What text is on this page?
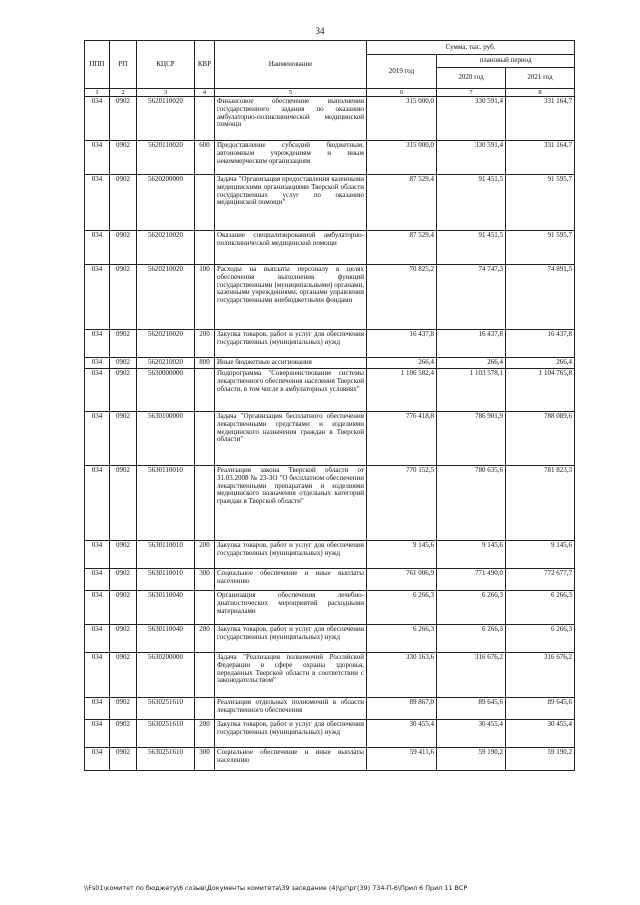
34
ППП	РП	КЦСР	КВР	Наименование	Сумма, тыс. руб.		
					2019 год	плановый период	
						2020 год	2021 год
1	2	3	4	5	6	7	8
034	0902	5620110020		Финансовое обеспечение выполнения государственного задания по оказанию амбулаторно-поликлинической медицинской помощи	315 000,0	330 591,4	331 164,7
034	0902	5620110020	600	Предоставление субсидий бюджетным, автономным учреждениям и иным некоммерческим организациям	315 000,0	330 591,4	331 164,7
034	0902	5620200000		Задача "Организация предоставления казенными медицинскими организациями Тверской области государственных услуг по оказанию медицинской помощи"	87 529,4	91 451,5	91 595,7
034	0902	5620210020		Оказание специализированной амбулаторно-поликлинической медицинской помощи	87 529,4	91 451,5	91 595,7
034	0902	5620210020	100	Расходы на выплаты персоналу в целях обеспечения выполнения функций государственными (муниципальными) органами, казенными учреждениями, органами управления государственными внебюджетными фондами	70 825,2	74 747,3	74 891,5
034	0902	5620210020	200	Закупка товаров, работ и услуг для обеспечения государственных (муниципальных) нужд	16 437,8	16 437,8	16 437,8
034	0902	5620210020	800	Иные бюджетные ассигнования	266,4	266,4	266,4
034	0902	5630000000		Подпрограмма "Совершенствование системы лекарственного обеспечения населения Тверской области, в том числе в амбулаторных условиях"	1 106 582,4	1 103 578,1	1 104 765,8
034	0902	5630100000		Задача "Организация бесплатного обеспечения лекарственными средствами и изделиями медицинского назначения граждан в Тверской области"	776 418,8	786 901,9	788 089,6
034	0902	5630110010		Реализация закона Тверской области от 31.03.2008 № 23-ЗО "О бесплатном обеспечении лекарственными препаратами и изделиями медицинского назначения отдельных категорий граждан в Тверской области"	770 152,5	780 635,6	781 823,3
034	0902	5630110010	200	Закупка товаров, работ и услуг для обеспечения государственных (муниципальных) нужд	9 145,6	9 145,6	9 145,6
034	0902	5630110010	300	Социальное обеспечение и иные выплаты населению	761 006,9	771 490,0	772 677,7
034	0902	5630110040		Организация обеспечения лечебно-диагностических мероприятий расходными материалами	6 266,3	6 266,3	6 266,3
034	0902	5630110040	200	Закупка товаров, работ и услуг для обеспечения государственных (муниципальных) нужд	6 266,3	6 266,3	6 266,3
034	0902	5630200000		Задача "Реализация полномочий Российской Федерации в сфере охраны здоровья, переданных Тверской области в соответствии с законодательством"	330 163,6	316 676,2	316 676,2
034	0902	5630251610		Реализация отдельных полномочий в области лекарственного обеспечения	89 867,0	89 645,6	89 645,6
034	0902	5630251610	200	Закупка товаров, работ и услуг для обеспечения государственных (муниципальных) нужд	30 455,4	30 455,4	30 455,4
034	0902	5630251610	300	Социальное обеспечение и иные выплаты населению	59 411,6	59 190,2	59 190,2
\\Fs01\комитет по бюджету\6 созыв\Документы комитета\39 заседание (4)\рг\рг(39) 734-П-6\Прил 6 Прил 11 ВСР
